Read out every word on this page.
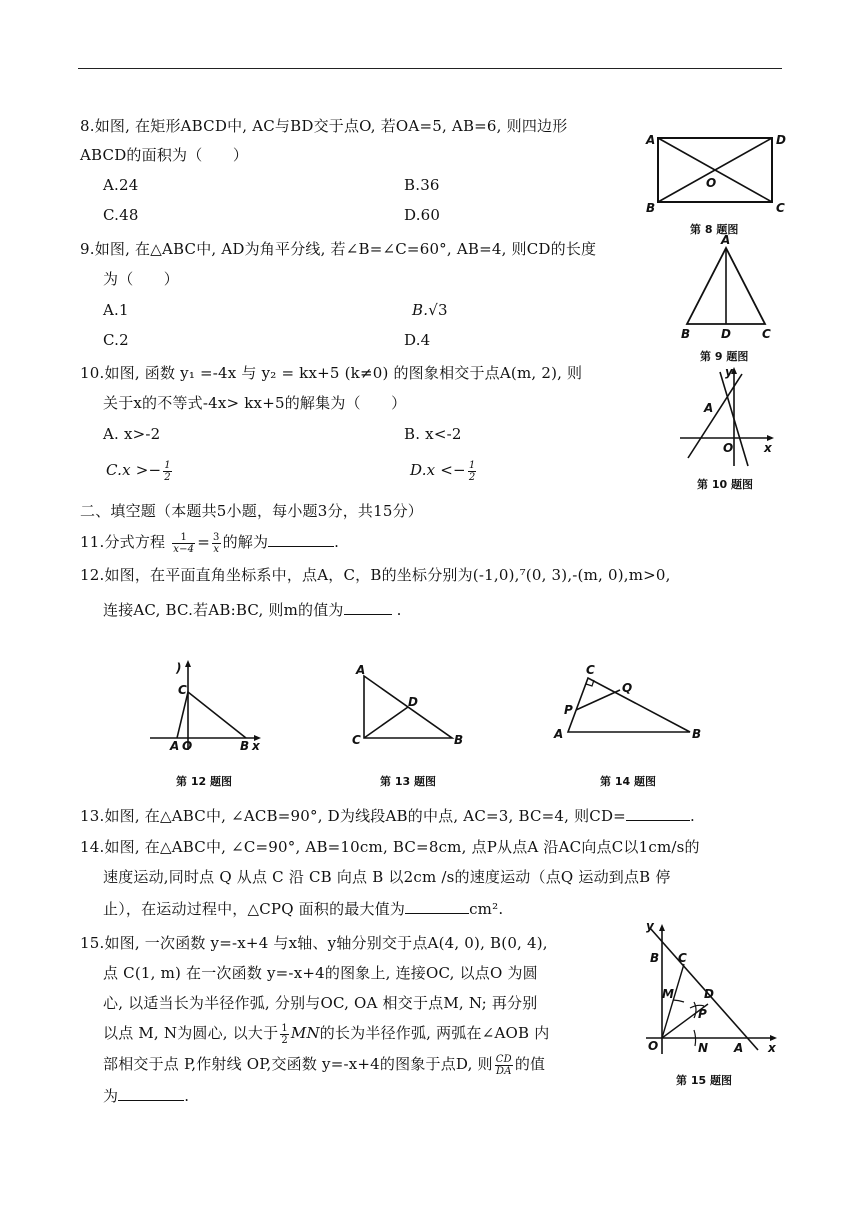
8.如图, 在矩形ABCD中, AC与BD交于点O, 若OA=5, AB=6, 则四边形
ABCD的面积为（　　）
A.24	B.36
C.48	D.60
A	D
B	C
O
第 8 题图
9.如图, 在△ABC中, AD为角平分线, 若∠B=∠C=60°, AB=4, 则CD的长度
为（　　）
A.1	B.√3
C.2	D.4
A
B	D	C
第 9 题图
10.如图, 函数 y₁ =-4x 与 y₂ = kx+5 (k≠0) 的图象相交于点A(m, 2), 则
关于x的不等式-4x> kx+5的解集为（　　）
A. x>-2	B. x<-2
$C.x >- \frac{1}{2}$	$D.x <- \frac{1}{2}$
y
A
O	x
第 10 题图
二、填空题（本题共5小题，每小题3分，共15分）
11.分式方程 $\frac{1}{x-4} = \frac{3}{x}$ 的解为	.
12.如图，在平面直角坐标系中，点A，C，B的坐标分别为(-1,0),⁷(0, 3),-(m, 0),m>0,
连接AC, BC.若AB:BC, 则m的值为	.
)
C
A O	B x
第 12 题图
A
D
C	B
第 13 题图
C
Q
P
A	B
第 14 题图
13.如图, 在△ABC中, ∠ACB=90°, D为线段AB的中点, AC=3, BC=4, 则CD=	.
14.如图, 在△ABC中, ∠C=90°, AB=10cm, BC=8cm, 点P从点A 沿AC向点C以1cm/s的
速度运动,同时点 Q 从点 C 沿 CB 向点 B 以2cm /s的速度运动（点Q 运动到点B 停
止），在运动过程中，△CPQ 面积的最大值为	cm².
15.如图, 一次函数 y=-x+4 与x轴、y轴分别交于点A(4, 0), B(0, 4),
点 C(1, m) 在一次函数 y=-x+4的图象上, 连接OC, 以点O 为圆
心, 以适当长为半径作弧, 分别与OC, OA 相交于点M, N; 再分别
以点 M, N为圆心, 以大于 $\frac{1}{2}$ MN的长为半径作弧, 两弧在∠AOB 内
部相交于点 P,作射线 OP,交函数 y=-x+4的图象于点D, 则 $\frac{CD}{DA}$ 的值
为	.
y
B C
M	D
P
O	N A x
第 15 题图
